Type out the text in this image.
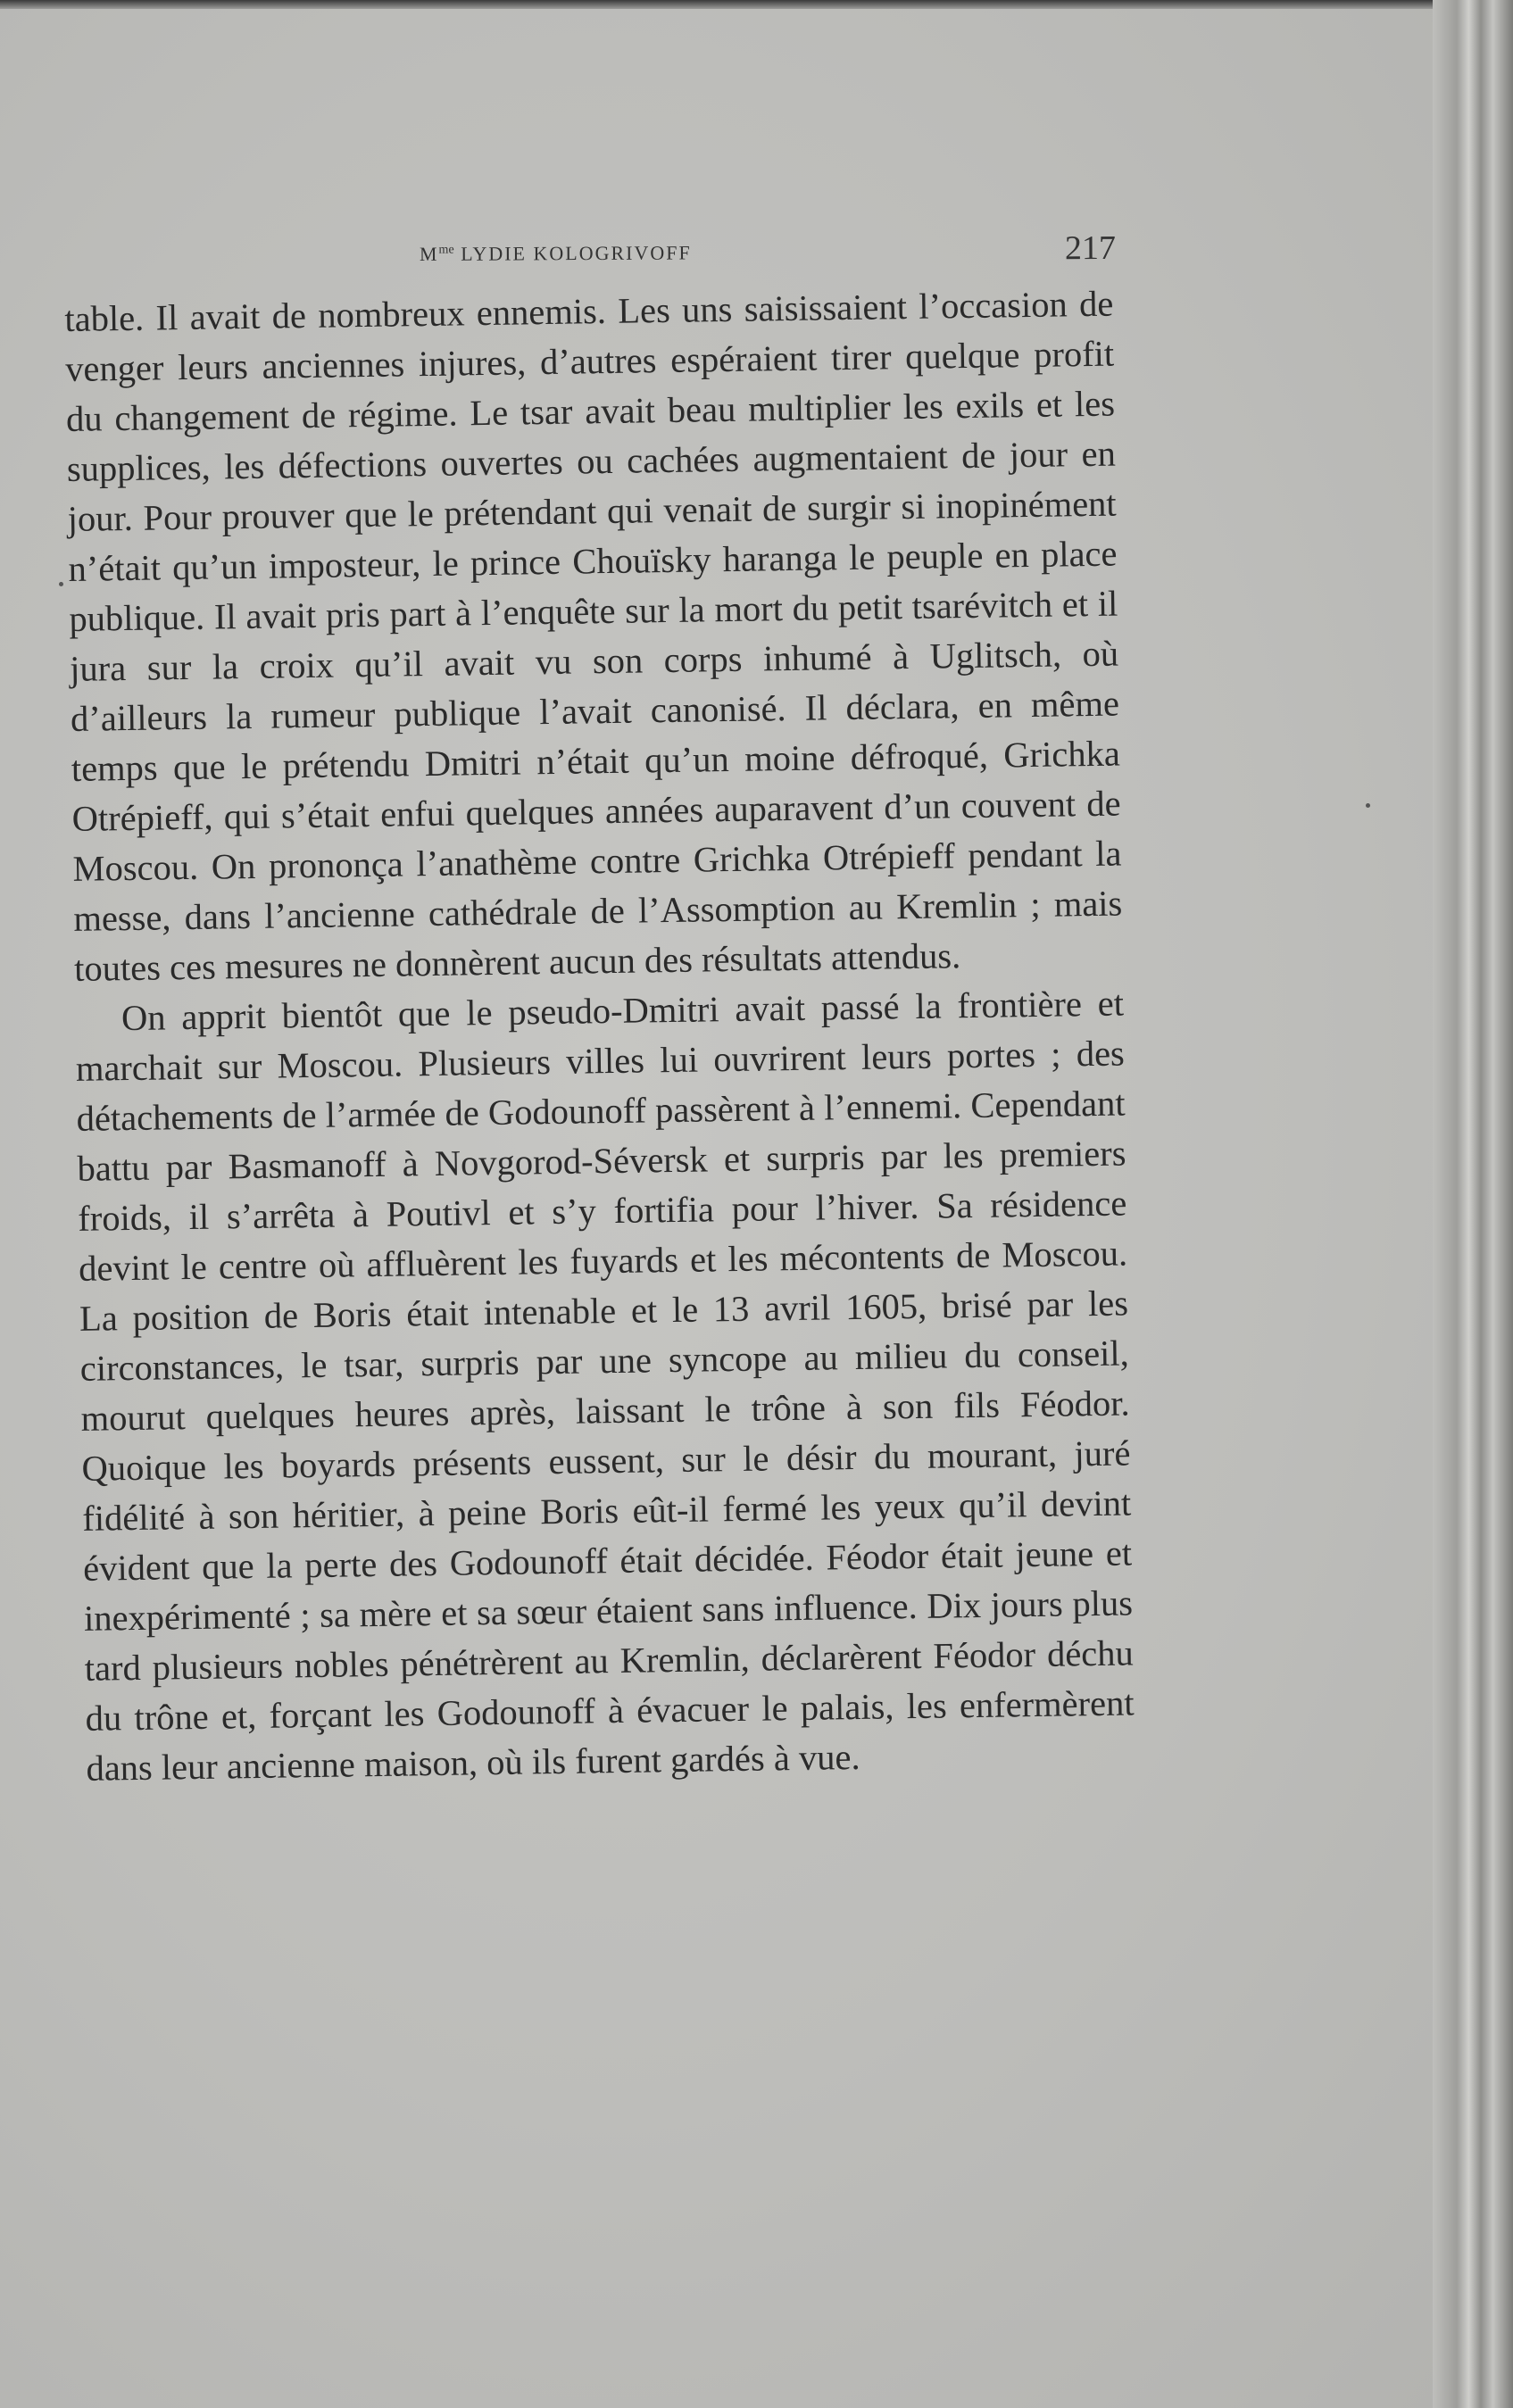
$M^{me}$ LYDIE KOLOGRIVOFF	217

table. Il avait de nombreux ennemis. Les uns saisissaient l’occasion de venger leurs anciennes injures, d’autres espéraient tirer quelque profit du changement de régime. Le tsar avait beau multiplier les exils et les supplices, les défections ouvertes ou cachées augmentaient de jour en jour. Pour prouver que le prétendant qui venait de surgir si inopinément n’était qu’un imposteur, le prince Chouïsky haranga le peuple en place publique. Il avait pris part à l’enquête sur la mort du petit tsarévitch et il jura sur la croix qu’il avait vu son corps inhumé à Uglitsch, où d’ailleurs la rumeur publique l’avait canonisé. Il déclara, en même temps que le prétendu Dmitri n’était qu’un moine défroqué, Grichka Otrépieff, qui s’était enfui quelques années auparavent d’un couvent de Moscou. On prononça l’anathème contre Grichka Otrépieff pendant la messe, dans l’ancienne cathédrale de l’Assomption au Kremlin ; mais toutes ces mesures ne donnèrent aucun des résultats attendus.

On apprit bientôt que le pseudo-Dmitri avait passé la frontière et marchait sur Moscou. Plusieurs villes lui ouvrirent leurs portes ; des détachements de l’armée de Godounoff passèrent à l’ennemi. Cependant battu par Basmanoff à Novgorod-Séversk et surpris par les premiers froids, il s’arrêta à Poutivl et s’y fortifia pour l’hiver. Sa résidence devint le centre où affluèrent les fuyards et les mécontents de Moscou. La position de Boris était intenable et le 13 avril 1605, brisé par les circonstances, le tsar, surpris par une syncope au milieu du conseil, mourut quelques heures après, laissant le trône à son fils Féodor. Quoique les boyards présents eussent, sur le désir du mourant, juré fidélité à son héritier, à peine Boris eût-il fermé les yeux qu’il devint évident que la perte des Godounoff était décidée. Féodor était jeune et inexpérimenté ; sa mère et sa sœur étaient sans influence. Dix jours plus tard plusieurs nobles pénétrèrent au Kremlin, déclarèrent Féodor déchu du trône et, forçant les Godounoff à évacuer le palais, les enfermèrent dans leur ancienne maison, où ils furent gardés à vue.
